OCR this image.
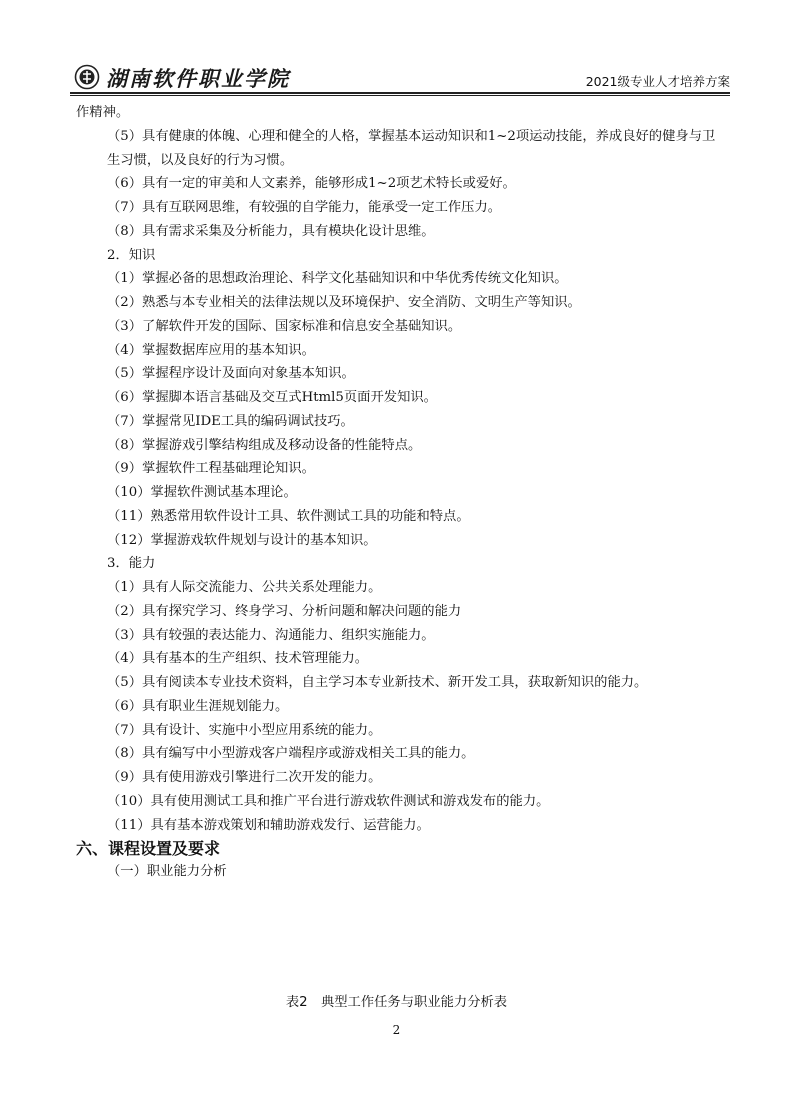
湖南软件职业学院	2021级专业人才培养方案
作精神。
（5）具有健康的体魄、心理和健全的人格，掌握基本运动知识和1~2项运动技能，养成良好的健身与卫生习惯，以及良好的行为习惯。
（6）具有一定的审美和人文素养，能够形成1~2项艺术特长或爱好。
（7）具有互联网思维，有较强的自学能力，能承受一定工作压力。
（8）具有需求采集及分析能力，具有模块化设计思维。
2．知识
（1）掌握必备的思想政治理论、科学文化基础知识和中华优秀传统文化知识。
（2）熟悉与本专业相关的法律法规以及环境保护、安全消防、文明生产等知识。
（3）了解软件开发的国际、国家标准和信息安全基础知识。
（4）掌握数据库应用的基本知识。
（5）掌握程序设计及面向对象基本知识。
（6）掌握脚本语言基础及交互式Html5页面开发知识。
（7）掌握常见IDE工具的编码调试技巧。
（8）掌握游戏引擎结构组成及移动设备的性能特点。
（9）掌握软件工程基础理论知识。
（10）掌握软件测试基本理论。
（11）熟悉常用软件设计工具、软件测试工具的功能和特点。
（12）掌握游戏软件规划与设计的基本知识。
3．能力
（1）具有人际交流能力、公共关系处理能力。
（2）具有探究学习、终身学习、分析问题和解决问题的能力
（3）具有较强的表达能力、沟通能力、组织实施能力。
（4）具有基本的生产组织、技术管理能力。
（5）具有阅读本专业技术资料，自主学习本专业新技术、新开发工具，获取新知识的能力。
（6）具有职业生涯规划能力。
（7）具有设计、实施中小型应用系统的能力。
（8）具有编写中小型游戏客户端程序或游戏相关工具的能力。
（9）具有使用游戏引擎进行二次开发的能力。
（10）具有使用测试工具和推广平台进行游戏软件测试和游戏发布的能力。
（11）具有基本游戏策划和辅助游戏发行、运营能力。
六、课程设置及要求
（一）职业能力分析
表2　典型工作任务与职业能力分析表
2
